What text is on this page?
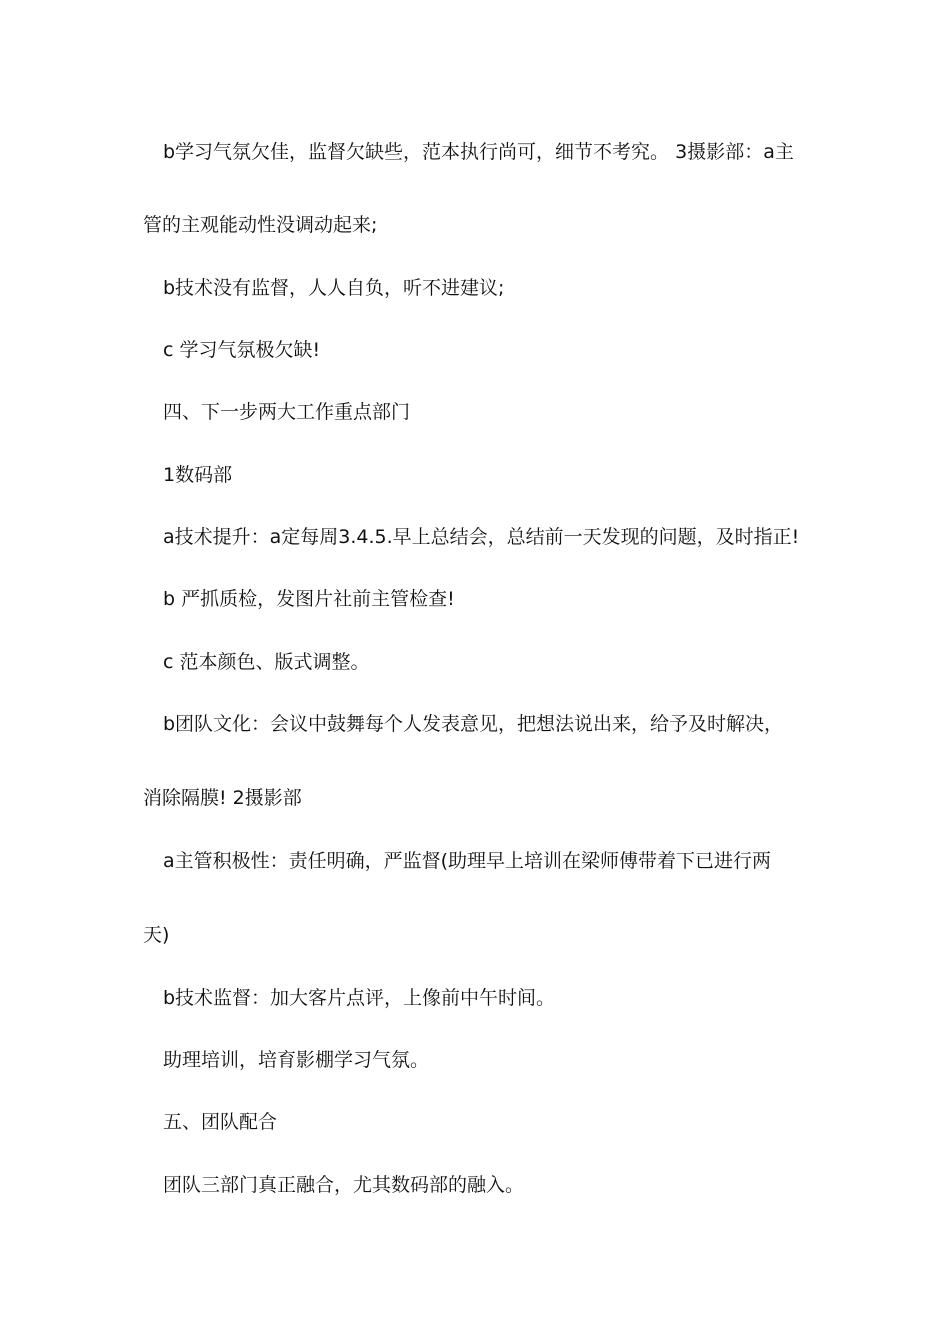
b学习气氛欠佳，监督欠缺些，范本执行尚可，细节不考究。 3摄影部：a主
管的主观能动性没调动起来;
b技术没有监督，人人自负，听不进建议;
c 学习气氛极欠缺!
四、下一步两大工作重点部门
1数码部
a技术提升：a定每周3.4.5.早上总结会，总结前一天发现的问题，及时指正!
b 严抓质检，发图片社前主管检查!
c 范本颜色、版式调整。
b团队文化：会议中鼓舞每个人发表意见，把想法说出来，给予及时解决，
消除隔膜! 2摄影部
a主管积极性：责任明确，严监督(助理早上培训在梁师傅带着下已进行两
天)
b技术监督：加大客片点评，上像前中午时间。
助理培训，培育影棚学习气氛。
五、团队配合
团队三部门真正融合，尤其数码部的融入。
